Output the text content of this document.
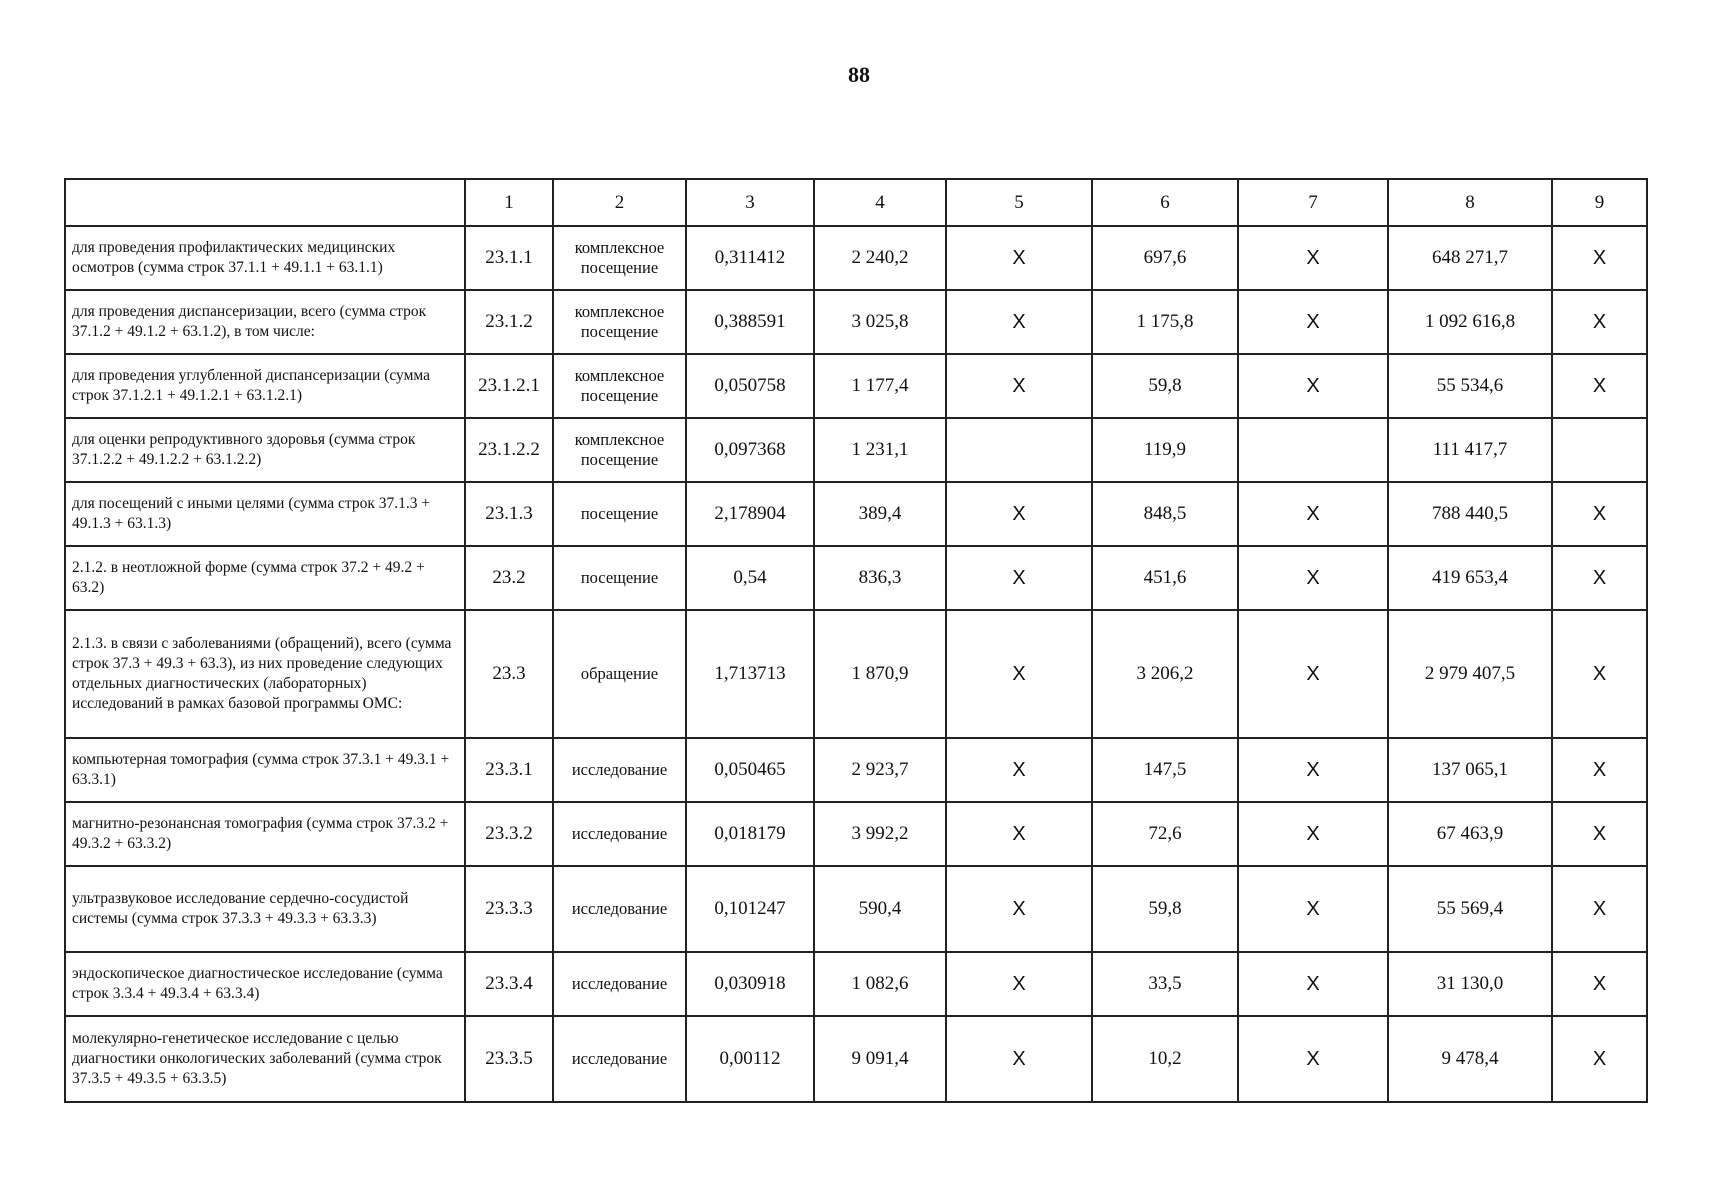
88
	1	2	3	4	5	6	7	8	9
для проведения профилактических медицинских осмотров (сумма строк 37.1.1 + 49.1.1 + 63.1.1)	23.1.1	комплексное посещение	0,311412	2 240,2	Х	697,6	Х	648 271,7	Х
для проведения диспансеризации, всего (сумма строк 37.1.2 + 49.1.2 + 63.1.2), в том числе:	23.1.2	комплексное посещение	0,388591	3 025,8	Х	1 175,8	Х	1 092 616,8	Х
для проведения углубленной диспансеризации (сумма строк 37.1.2.1 + 49.1.2.1 + 63.1.2.1)	23.1.2.1	комплексное посещение	0,050758	1 177,4	Х	59,8	Х	55 534,6	Х
для оценки репродуктивного здоровья (сумма строк 37.1.2.2 + 49.1.2.2 + 63.1.2.2)	23.1.2.2	комплексное посещение	0,097368	1 231,1		119,9		111 417,7	
для посещений с иными целями (сумма строк 37.1.3 + 49.1.3 + 63.1.3)	23.1.3	посещение	2,178904	389,4	Х	848,5	Х	788 440,5	Х
2.1.2. в неотложной форме (сумма строк 37.2 + 49.2 + 63.2)	23.2	посещение	0,54	836,3	Х	451,6	Х	419 653,4	Х
2.1.3. в связи с заболеваниями (обращений), всего (сумма строк 37.3 + 49.3 + 63.3), из них проведение следующих отдельных диагностических (лабораторных) исследований в рамках базовой программы ОМС:	23.3	обращение	1,713713	1 870,9	Х	3 206,2	Х	2 979 407,5	Х
компьютерная томография (сумма строк 37.3.1 + 49.3.1 + 63.3.1)	23.3.1	исследование	0,050465	2 923,7	Х	147,5	Х	137 065,1	Х
магнитно-резонансная томография (сумма строк 37.3.2 + 49.3.2 + 63.3.2)	23.3.2	исследование	0,018179	3 992,2	Х	72,6	Х	67 463,9	Х
ультразвуковое исследование сердечно-сосудистой системы (сумма строк 37.3.3 + 49.3.3 + 63.3.3)	23.3.3	исследование	0,101247	590,4	Х	59,8	Х	55 569,4	Х
эндоскопическое диагностическое исследование (сумма строк 3.3.4 + 49.3.4 + 63.3.4)	23.3.4	исследование	0,030918	1 082,6	Х	33,5	Х	31 130,0	Х
молекулярно-генетическое исследование с целью диагностики онкологических заболеваний (сумма строк 37.3.5 + 49.3.5 + 63.3.5)	23.3.5	исследование	0,00112	9 091,4	Х	10,2	Х	9 478,4	Х
